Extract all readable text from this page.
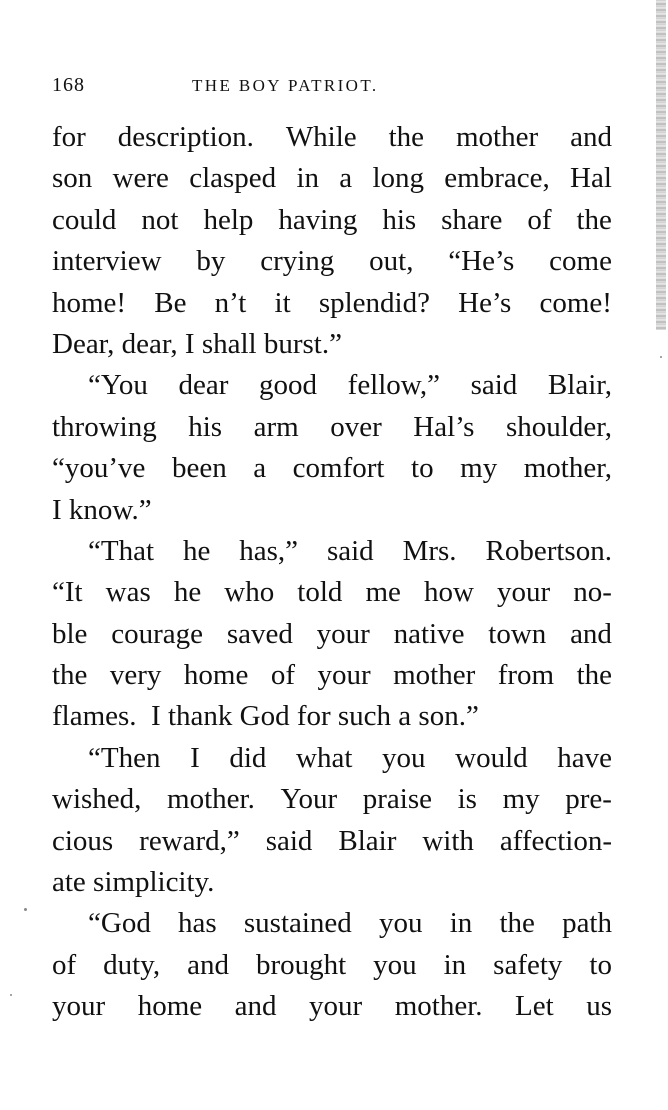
168	THE BOY PATRIOT.
for description. While the mother and
son were clasped in a long embrace, Hal
could not help having his share of the
interview by crying out, “He’s come
home! Be n’t it splendid? He’s come!
Dear, dear, I shall burst.”
“You dear good fellow,” said Blair,
throwing his arm over Hal’s shoulder,
“you’ve been a comfort to my mother,
I know.”
“That he has,” said Mrs. Robertson.
“It was he who told me how your no-
ble courage saved your native town and
the very home of your mother from the
flames.  I thank God for such a son.”
“Then I did what you would have
wished, mother. Your praise is my pre-
cious reward,” said Blair with affection-
ate simplicity.
“God has sustained you in the path
of duty, and brought you in safety to
your home and your mother. Let us
